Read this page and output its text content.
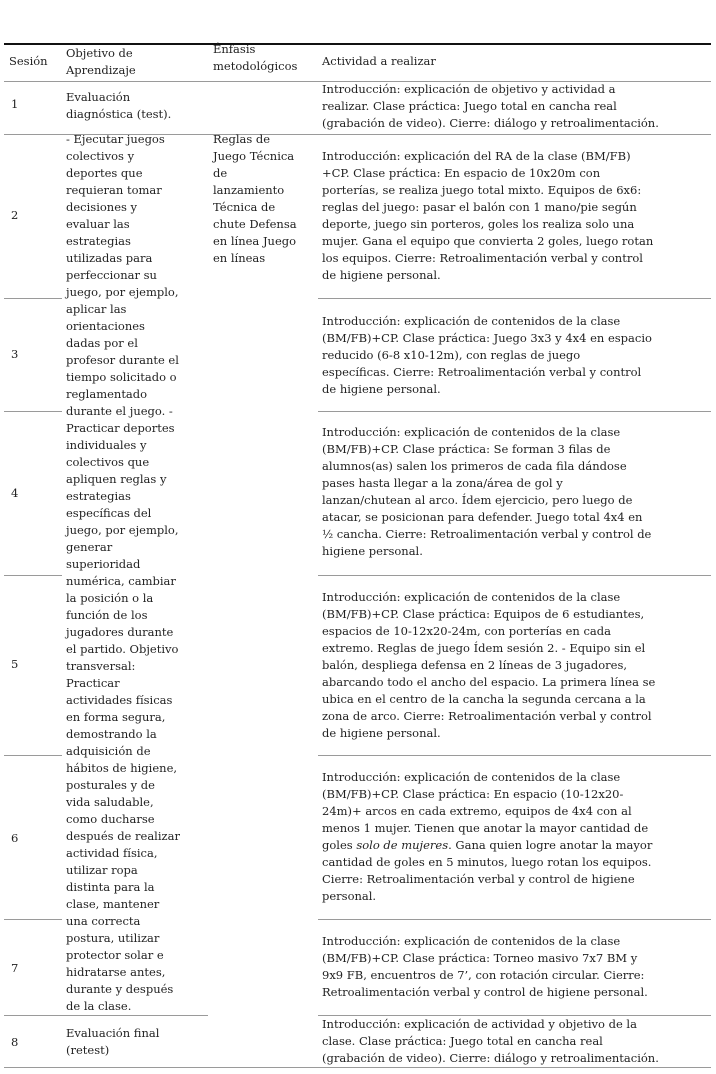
Sesión
Objetivo de
Aprendizaje
Énfasis
metodológicos Actividad a realizar
1	Evaluación
diagnóstica (test).
Introducción: explicación de objetivo y actividad a
realizar. Clase práctica: Juego total en cancha real
(grabación de video). Cierre: diálogo y retroalimentación.
- Ejecutar juegos
colectivos y
deportes que
requieran tomar
decisiones y
evaluar las
estrategias
utilizadas para
perfeccionar su
juego, por ejemplo,
aplicar las
orientaciones
dadas por el
profesor durante el
tiempo solicitado o
reglamentado
durante el juego. -
Practicar deportes
individuales y
colectivos que
apliquen reglas y
estrategias
específicas del
juego, por ejemplo,
generar
superioridad
numérica, cambiar
la posición o la
función de los
jugadores durante
el partido. Objetivo
transversal:
Practicar
actividades físicas
en forma segura,
demostrando la
adquisición de
hábitos de higiene,
posturales y de
vida saludable,
como ducharse
después de realizar
actividad física,
utilizar ropa
distinta para la
clase, mantener
una correcta
postura, utilizar
protector solar e
hidratarse antes,
durante y después
de la clase.
Reglas de
Juego Técnica
de
lanzamiento
Técnica de
chute Defensa
en línea Juego
en líneas
2
Introducción: explicación del RA de la clase (BM/FB)
+CP. Clase práctica: En espacio de 10x20m con
porterías, se realiza juego total mixto. Equipos de 6x6:
reglas del juego: pasar el balón con 1 mano/pie según
deporte, juego sin porteros, goles los realiza solo una
mujer. Gana el equipo que convierta 2 goles, luego rotan
los equipos. Cierre: Retroalimentación verbal y control
de higiene personal.
3
Introducción: explicación de contenidos de la clase
(BM/FB)+CP. Clase práctica: Juego 3x3 y 4x4 en espacio
reducido (6-8 x10-12m), con reglas de juego
específicas. Cierre: Retroalimentación verbal y control
de higiene personal.
4
Introducción: explicación de contenidos de la clase
(BM/FB)+CP. Clase práctica: Se forman 3 filas de
alumnos(as) salen los primeros de cada fila dándose
pases hasta llegar a la zona/área de gol y
lanzan/chutean al arco. Ídem ejercicio, pero luego de
atacar, se posicionan para defender. Juego total 4x4 en
½ cancha. Cierre: Retroalimentación verbal y control de
higiene personal.
5
Introducción: explicación de contenidos de la clase
(BM/FB)+CP. Clase práctica: Equipos de 6 estudiantes,
espacios de 10-12x20-24m, con porterías en cada
extremo. Reglas de juego Ídem sesión 2. - Equipo sin el
balón, despliega defensa en 2 líneas de 3 jugadores,
abarcando todo el ancho del espacio. La primera línea se
ubica en el centro de la cancha la segunda cercana a la
zona de arco. Cierre: Retroalimentación verbal y control
de higiene personal.
6
Introducción: explicación de contenidos de la clase
(BM/FB)+CP. Clase práctica: En espacio (10-12x20-
24m)+ arcos en cada extremo, equipos de 4x4 con al
menos 1 mujer. Tienen que anotar la mayor cantidad de
goles solo de mujeres. Gana quien logre anotar la mayor
cantidad de goles en 5 minutos, luego rotan los equipos.
Cierre: Retroalimentación verbal y control de higiene
personal.
7
Introducción: explicación de contenidos de la clase
(BM/FB)+CP. Clase práctica: Torneo masivo 7x7 BM y
9x9 FB, encuentros de 7’, con rotación circular. Cierre:
Retroalimentación verbal y control de higiene personal.
8
Evaluación final
(retest)
Introducción: explicación de actividad y objetivo de la
clase. Clase práctica: Juego total en cancha real
(grabación de video). Cierre: diálogo y retroalimentación.
